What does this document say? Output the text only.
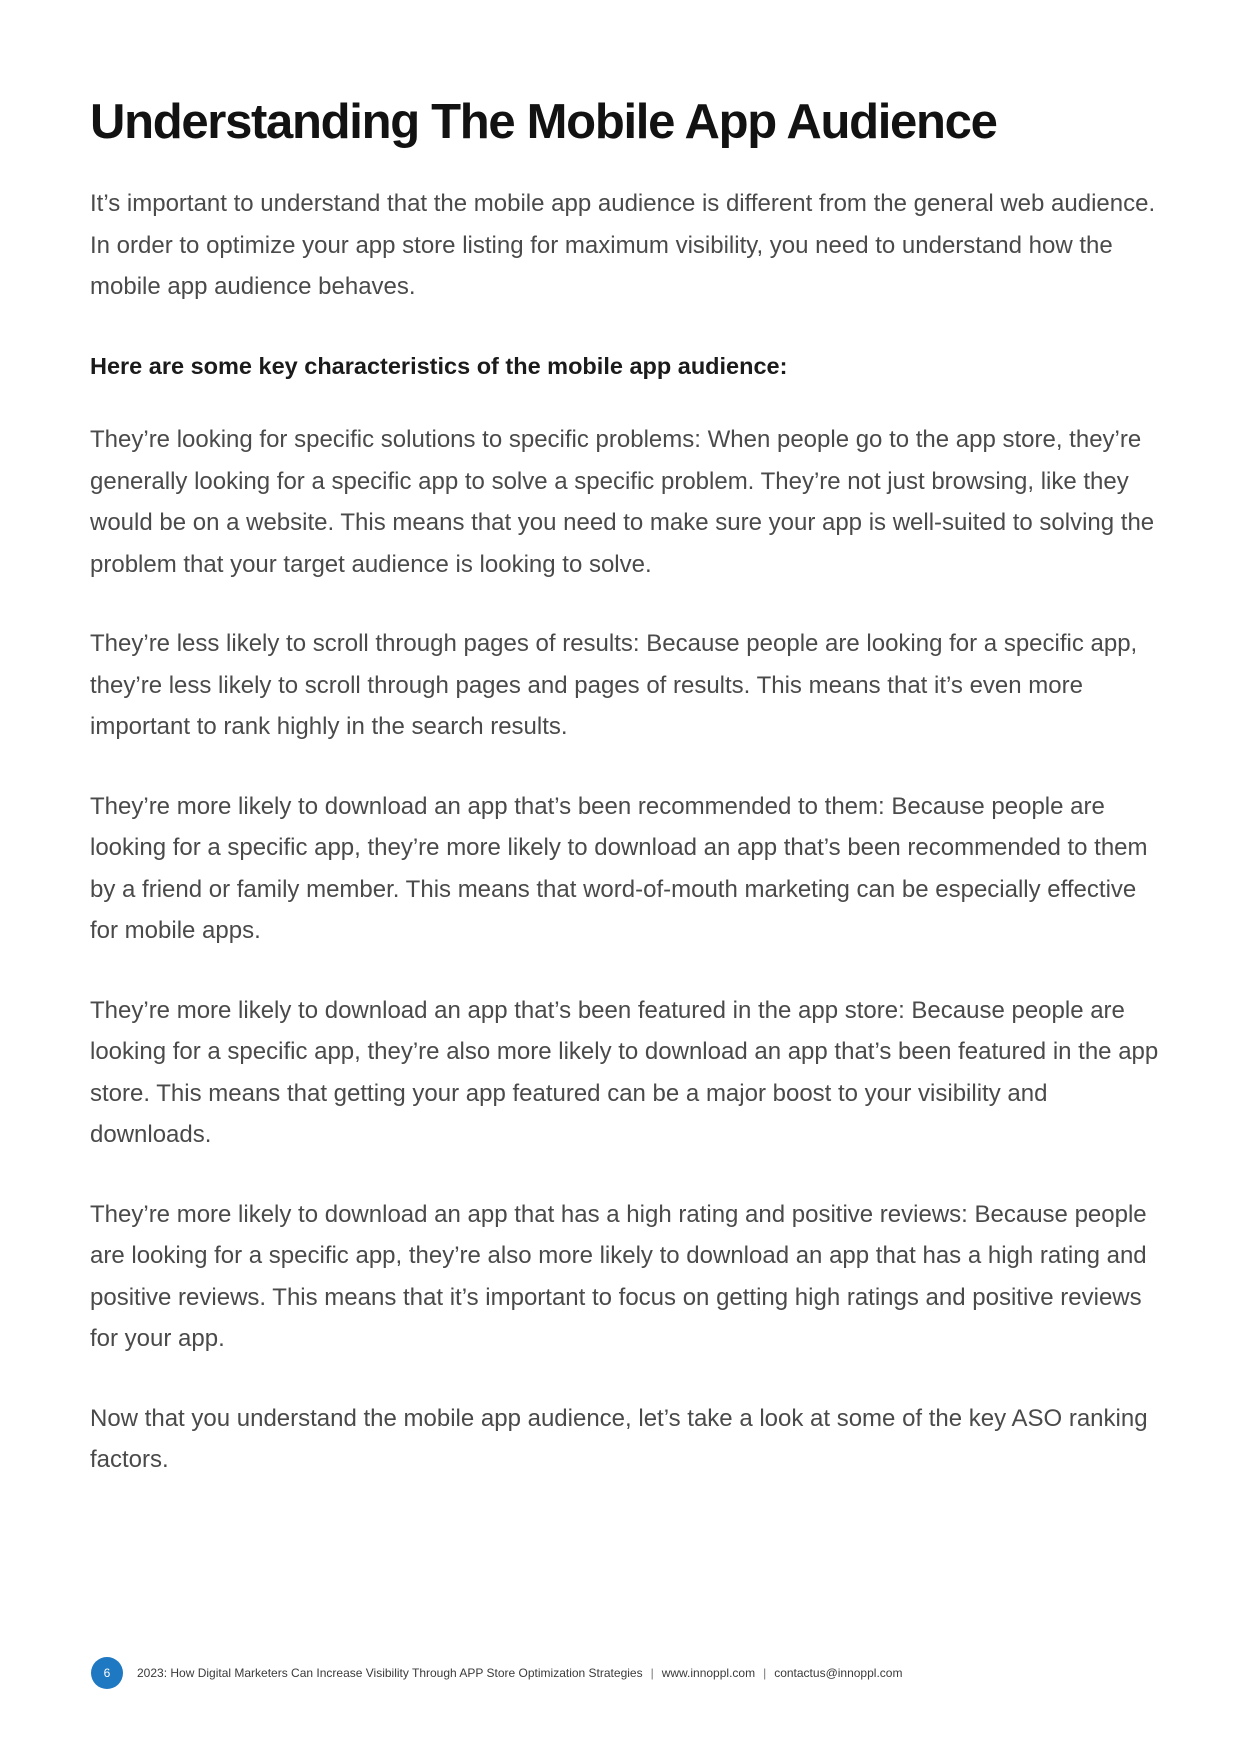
Understanding The Mobile App Audience

It’s important to understand that the mobile app audience is different from the general web audience. In order to optimize your app store listing for maximum visibility, you need to understand how the mobile app audience behaves.

Here are some key characteristics of the mobile app audience:

They’re looking for specific solutions to specific problems: When people go to the app store, they’re generally looking for a specific app to solve a specific problem. They’re not just browsing, like they would be on a website. This means that you need to make sure your app is well-suited to solving the problem that your target audience is looking to solve.

They’re less likely to scroll through pages of results: Because people are looking for a specific app, they’re less likely to scroll through pages and pages of results. This means that it’s even more important to rank highly in the search results.

They’re more likely to download an app that’s been recommended to them: Because people are looking for a specific app, they’re more likely to download an app that’s been recommended to them by a friend or family member. This means that word-of-mouth marketing can be especially effective for mobile apps.

They’re more likely to download an app that’s been featured in the app store: Because people are looking for a specific app, they’re also more likely to download an app that’s been featured in the app store. This means that getting your app featured can be a major boost to your visibility and downloads.

They’re more likely to download an app that has a high rating and positive reviews: Because people are looking for a specific app, they’re also more likely to download an app that has a high rating and positive reviews. This means that it’s important to focus on getting high ratings and positive reviews for your app.

Now that you understand the mobile app audience, let’s take a look at some of the key ASO ranking factors.

6 2023: How Digital Marketers Can Increase Visibility Through APP Store Optimization Strategies | www.innoppl.com | contactus@innoppl.com
